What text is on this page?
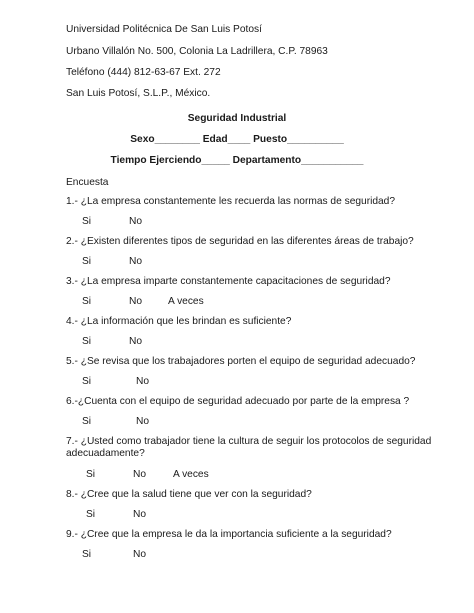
Universidad Politécnica De San Luis Potosí
Urbano Villalón No. 500, Colonia La Ladrillera, C.P. 78963
Teléfono (444) 812-63-67 Ext. 272
San Luis Potosí, S.L.P., México.
Seguridad Industrial
Sexo________ Edad____ Puesto__________
Tiempo Ejerciendo_____ Departamento___________
Encuesta
1.- ¿La empresa constantemente les recuerda las normas de seguridad?
Si	No
2.- ¿Existen diferentes tipos de seguridad en las diferentes áreas de trabajo?
Si	No
3.- ¿La empresa imparte constantemente capacitaciones de seguridad?
Si	No	A veces
4.- ¿La información que les brindan es suficiente?
Si	No
5.- ¿Se revisa que los trabajadores porten el equipo de seguridad adecuado?
Si	No
6.-¿Cuenta con el equipo de seguridad adecuado por parte de la empresa ?
Si	No
7.- ¿Usted como trabajador tiene la cultura de seguir los protocolos de seguridad
adecuadamente?
Si	No	A veces
8.- ¿Cree que la salud tiene que ver con la seguridad?
Si	No
9.- ¿Cree que la empresa le da la importancia suficiente a la seguridad?
Si	No
